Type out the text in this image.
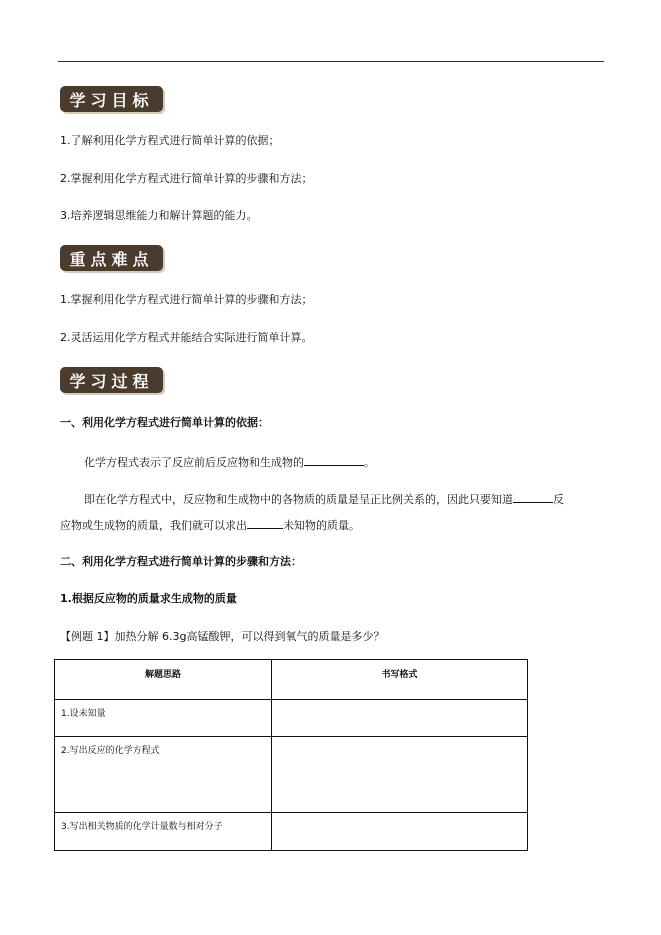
学习目标
1.了解利用化学方程式进行简单计算的依据；
2.掌握利用化学方程式进行简单计算的步骤和方法；
3.培养逻辑思维能力和解计算题的能力。
重点难点
1.掌握利用化学方程式进行简单计算的步骤和方法；
2.灵活运用化学方程式并能结合实际进行简单计算。
学习过程
一、利用化学方程式进行简单计算的依据：
化学方程式表示了反应前后反应物和生成物的	。
即在化学方程式中，反应物和生成物中的各物质的质量是呈正比例关系的，因此只要知道	反
应物或生成物的质量，我们就可以求出	未知物的质量。
二、利用化学方程式进行简单计算的步骤和方法：
1.根据反应物的质量求生成物的质量
【例题 1】加热分解 6.3g高锰酸钾，可以得到氧气的质量是多少？
解题思路	书写格式
1.设未知量	
2.写出反应的化学方程式	
3.写出相关物质的化学计量数与相对分子	
